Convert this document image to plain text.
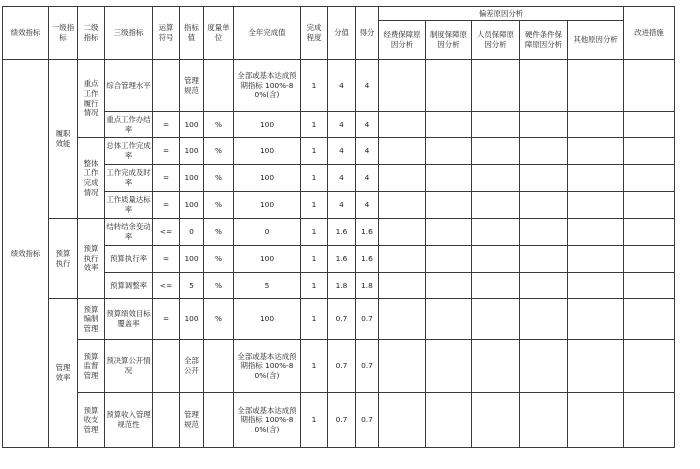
绩效指标	一级指标	二级指标	三级指标	运算符号	指标值	度量单位	全年完成值	完成程度	分值	得分	偏差原因分析					改进措施
											经费保障原因分析	制度保障原因分析	人员保障原因分析	硬件条件保障原因分析	其他原因分析	
绩效指标	履职效能	重点工作履行情况	综合管理水平		管理规范		全部或基本达成预期指标 100%-80%(含)	1	4	4						
			重点工作办结率	=	100	%	100	1	4	4						
		整体工作完成情况	总体工作完成率	=	100	%	100	1	4	4						
			工作完成及时率	=	100	%	100	1	4	4						
			工作质量达标率	=	100	%	100	1	4	4						
	预算执行	预算执行效率	结转结余变动率	<=	0	%	0	1	1.6	1.6						
			预算执行率	=	100	%	100	1	1.6	1.6						
			预算调整率	<=	5	%	5	1	1.8	1.8						
	管理效率	预算编制管理	预算绩效目标覆盖率	=	100	%	100	1	0.7	0.7						
		预算监督管理	预决算公开情况		全部公开		全部或基本达成预期指标 100%-80%(含)	1	0.7	0.7						
		预算收支管理	预算收入管理规范性		管理规范		全部或基本达成预期指标 100%-80%(含)	1	0.7	0.7						
